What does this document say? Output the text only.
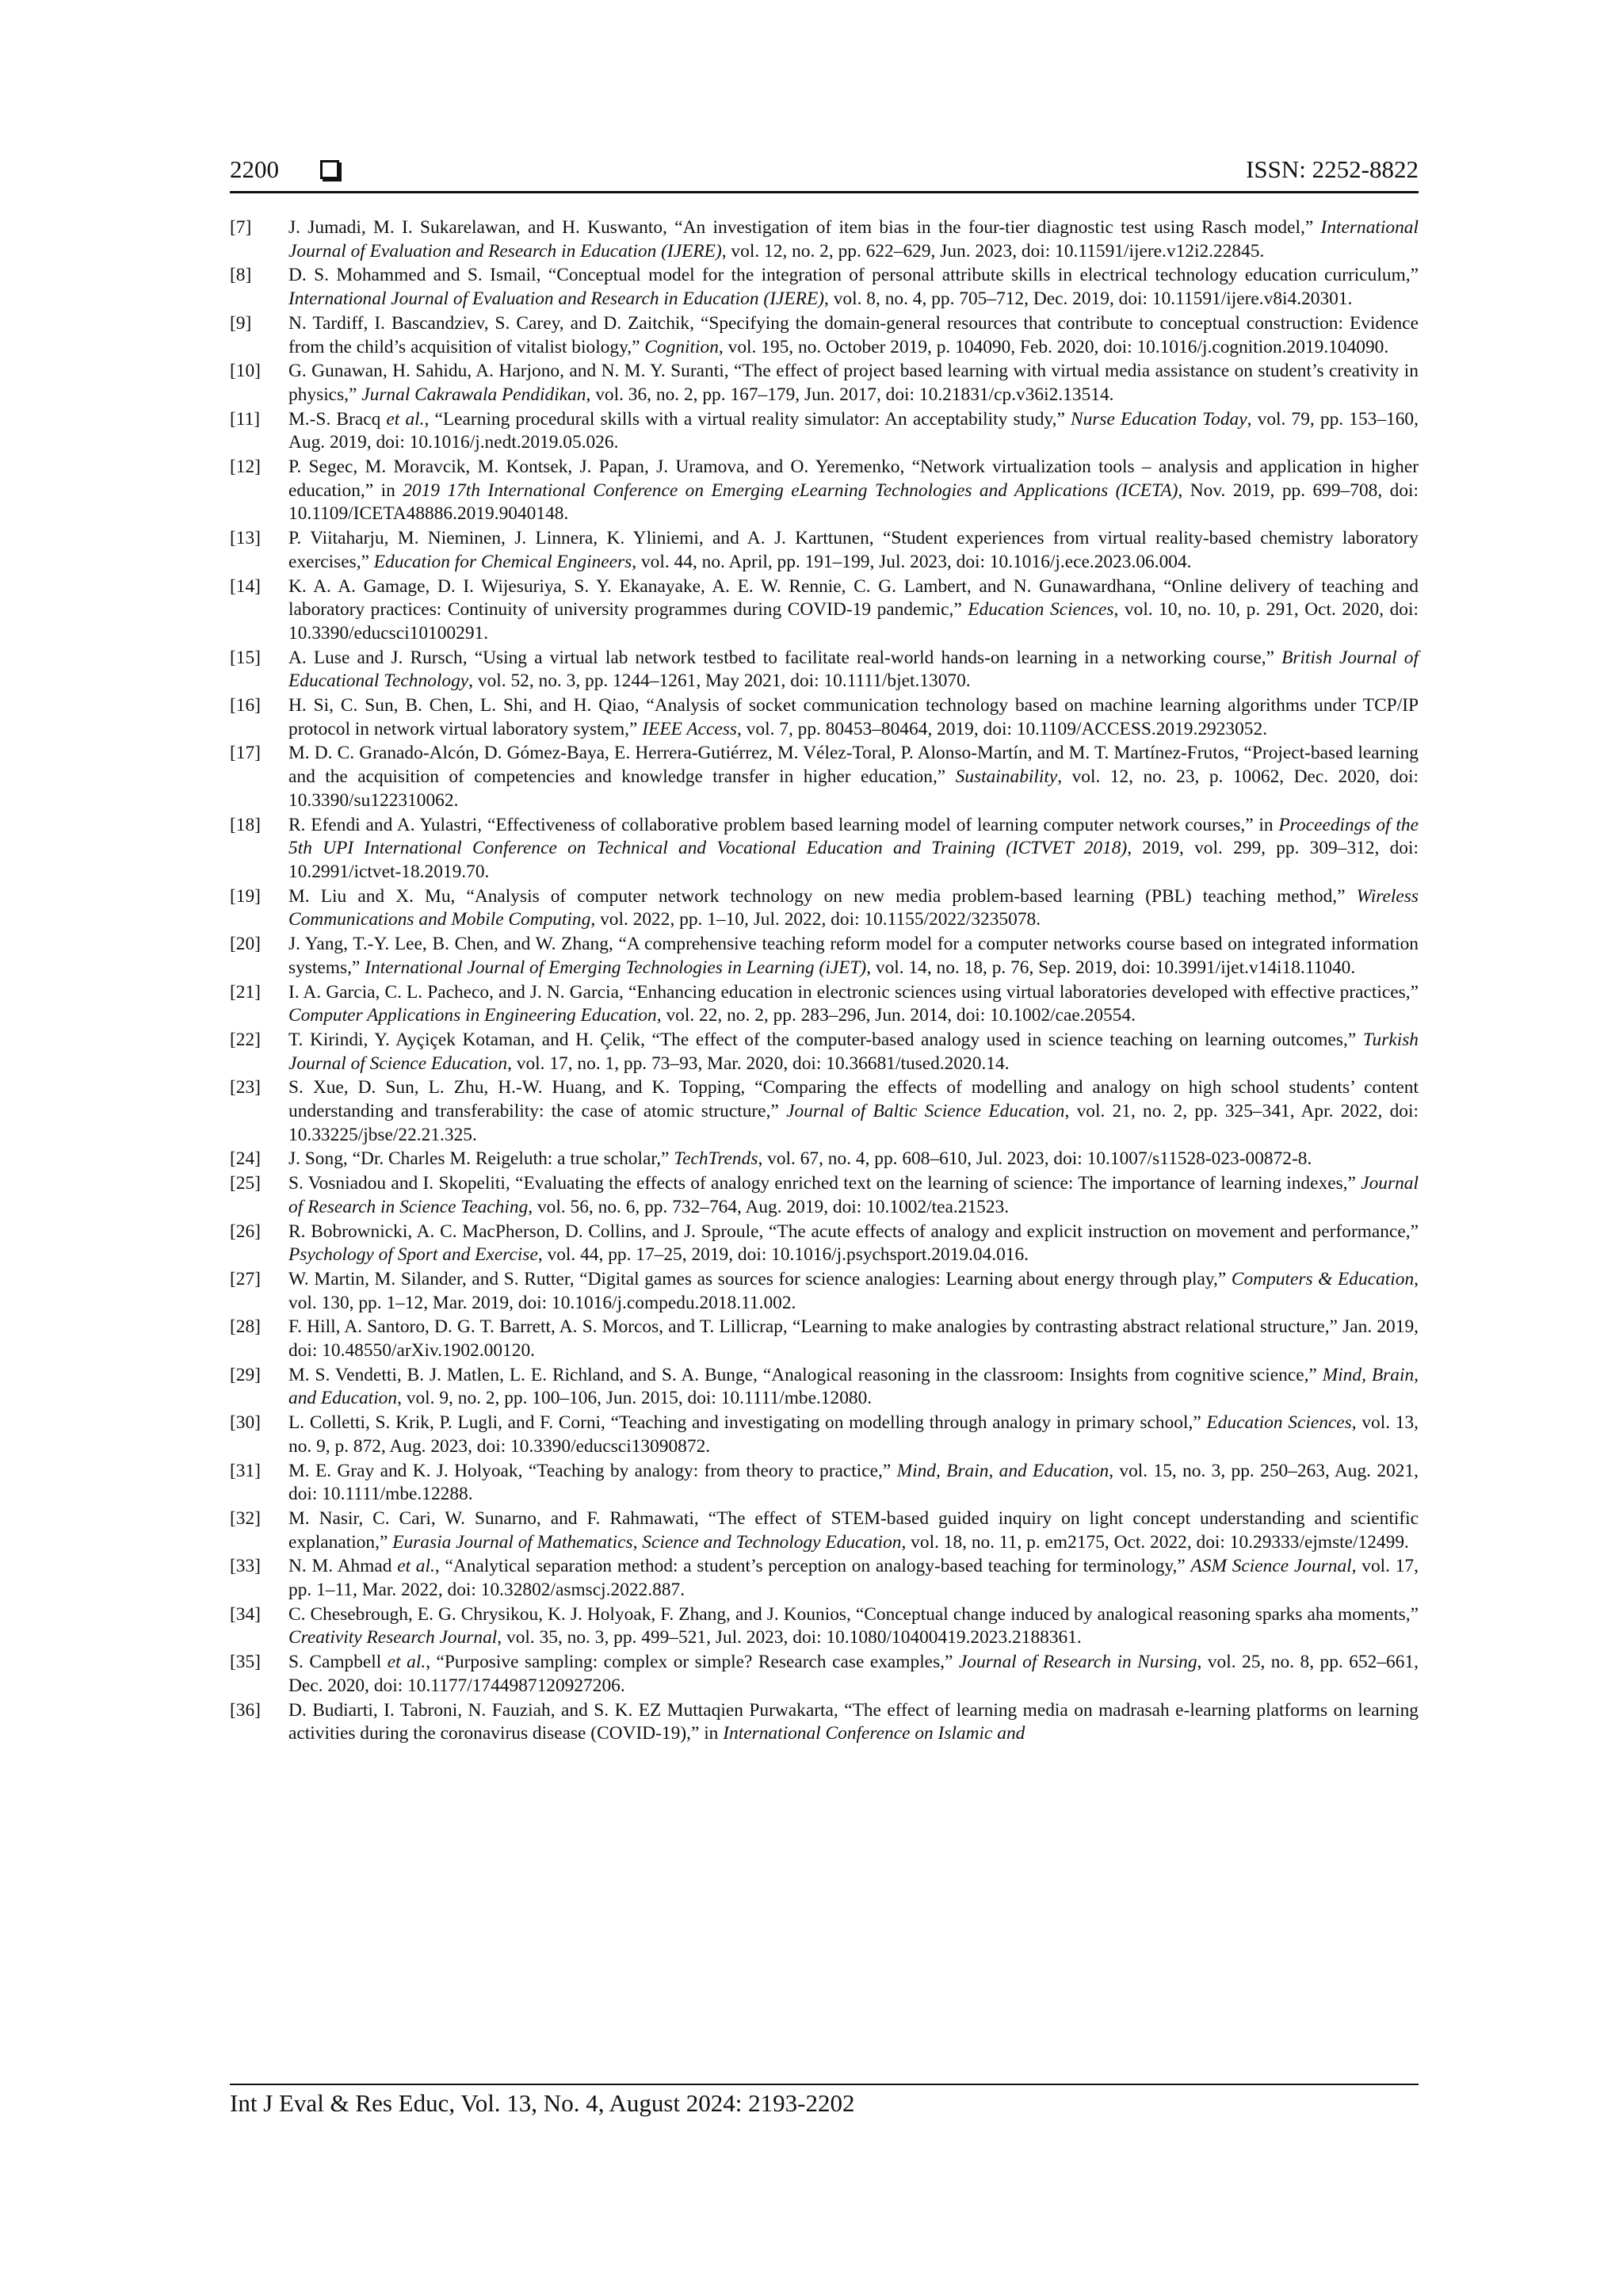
2200	ISSN: 2252-8822
[7]	J. Jumadi, M. I. Sukarelawan, and H. Kuswanto, “An investigation of item bias in the four-tier diagnostic test using Rasch model,” International Journal of Evaluation and Research in Education (IJERE), vol. 12, no. 2, pp. 622–629, Jun. 2023, doi: 10.11591/ijere.v12i2.22845.
[8]	D. S. Mohammed and S. Ismail, “Conceptual model for the integration of personal attribute skills in electrical technology education curriculum,” International Journal of Evaluation and Research in Education (IJERE), vol. 8, no. 4, pp. 705–712, Dec. 2019, doi: 10.11591/ijere.v8i4.20301.
[9]	N. Tardiff, I. Bascandziev, S. Carey, and D. Zaitchik, “Specifying the domain-general resources that contribute to conceptual construction: Evidence from the child’s acquisition of vitalist biology,” Cognition, vol. 195, no. October 2019, p. 104090, Feb. 2020, doi: 10.1016/j.cognition.2019.104090.
[10]	G. Gunawan, H. Sahidu, A. Harjono, and N. M. Y. Suranti, “The effect of project based learning with virtual media assistance on student’s creativity in physics,” Jurnal Cakrawala Pendidikan, vol. 36, no. 2, pp. 167–179, Jun. 2017, doi: 10.21831/cp.v36i2.13514.
[11]	M.-S. Bracq et al., “Learning procedural skills with a virtual reality simulator: An acceptability study,” Nurse Education Today, vol. 79, pp. 153–160, Aug. 2019, doi: 10.1016/j.nedt.2019.05.026.
[12]	P. Segec, M. Moravcik, M. Kontsek, J. Papan, J. Uramova, and O. Yeremenko, “Network virtualization tools – analysis and application in higher education,” in 2019 17th International Conference on Emerging eLearning Technologies and Applications (ICETA), Nov. 2019, pp. 699–708, doi: 10.1109/ICETA48886.2019.9040148.
[13]	P. Viitaharju, M. Nieminen, J. Linnera, K. Yliniemi, and A. J. Karttunen, “Student experiences from virtual reality-based chemistry laboratory exercises,” Education for Chemical Engineers, vol. 44, no. April, pp. 191–199, Jul. 2023, doi: 10.1016/j.ece.2023.06.004.
[14]	K. A. A. Gamage, D. I. Wijesuriya, S. Y. Ekanayake, A. E. W. Rennie, C. G. Lambert, and N. Gunawardhana, “Online delivery of teaching and laboratory practices: Continuity of university programmes during COVID-19 pandemic,” Education Sciences, vol. 10, no. 10, p. 291, Oct. 2020, doi: 10.3390/educsci10100291.
[15]	A. Luse and J. Rursch, “Using a virtual lab network testbed to facilitate real-world hands-on learning in a networking course,” British Journal of Educational Technology, vol. 52, no. 3, pp. 1244–1261, May 2021, doi: 10.1111/bjet.13070.
[16]	H. Si, C. Sun, B. Chen, L. Shi, and H. Qiao, “Analysis of socket communication technology based on machine learning algorithms under TCP/IP protocol in network virtual laboratory system,” IEEE Access, vol. 7, pp. 80453–80464, 2019, doi: 10.1109/ACCESS.2019.2923052.
[17]	M. D. C. Granado-Alcón, D. Gómez-Baya, E. Herrera-Gutiérrez, M. Vélez-Toral, P. Alonso-Martín, and M. T. Martínez-Frutos, “Project-based learning and the acquisition of competencies and knowledge transfer in higher education,” Sustainability, vol. 12, no. 23, p. 10062, Dec. 2020, doi: 10.3390/su122310062.
[18]	R. Efendi and A. Yulastri, “Effectiveness of collaborative problem based learning model of learning computer network courses,” in Proceedings of the 5th UPI International Conference on Technical and Vocational Education and Training (ICTVET 2018), 2019, vol. 299, pp. 309–312, doi: 10.2991/ictvet-18.2019.70.
[19]	M. Liu and X. Mu, “Analysis of computer network technology on new media problem-based learning (PBL) teaching method,” Wireless Communications and Mobile Computing, vol. 2022, pp. 1–10, Jul. 2022, doi: 10.1155/2022/3235078.
[20]	J. Yang, T.-Y. Lee, B. Chen, and W. Zhang, “A comprehensive teaching reform model for a computer networks course based on integrated information systems,” International Journal of Emerging Technologies in Learning (iJET), vol. 14, no. 18, p. 76, Sep. 2019, doi: 10.3991/ijet.v14i18.11040.
[21]	I. A. Garcia, C. L. Pacheco, and J. N. Garcia, “Enhancing education in electronic sciences using virtual laboratories developed with effective practices,” Computer Applications in Engineering Education, vol. 22, no. 2, pp. 283–296, Jun. 2014, doi: 10.1002/cae.20554.
[22]	T. Kirindi, Y. Ayçiçek Kotaman, and H. Çelik, “The effect of the computer-based analogy used in science teaching on learning outcomes,” Turkish Journal of Science Education, vol. 17, no. 1, pp. 73–93, Mar. 2020, doi: 10.36681/tused.2020.14.
[23]	S. Xue, D. Sun, L. Zhu, H.-W. Huang, and K. Topping, “Comparing the effects of modelling and analogy on high school students’ content understanding and transferability: the case of atomic structure,” Journal of Baltic Science Education, vol. 21, no. 2, pp. 325–341, Apr. 2022, doi: 10.33225/jbse/22.21.325.
[24]	J. Song, “Dr. Charles M. Reigeluth: a true scholar,” TechTrends, vol. 67, no. 4, pp. 608–610, Jul. 2023, doi: 10.1007/s11528-023-00872-8.
[25]	S. Vosniadou and I. Skopeliti, “Evaluating the effects of analogy enriched text on the learning of science: The importance of learning indexes,” Journal of Research in Science Teaching, vol. 56, no. 6, pp. 732–764, Aug. 2019, doi: 10.1002/tea.21523.
[26]	R. Bobrownicki, A. C. MacPherson, D. Collins, and J. Sproule, “The acute effects of analogy and explicit instruction on movement and performance,” Psychology of Sport and Exercise, vol. 44, pp. 17–25, 2019, doi: 10.1016/j.psychsport.2019.04.016.
[27]	W. Martin, M. Silander, and S. Rutter, “Digital games as sources for science analogies: Learning about energy through play,” Computers & Education, vol. 130, pp. 1–12, Mar. 2019, doi: 10.1016/j.compedu.2018.11.002.
[28]	F. Hill, A. Santoro, D. G. T. Barrett, A. S. Morcos, and T. Lillicrap, “Learning to make analogies by contrasting abstract relational structure,” Jan. 2019, doi: 10.48550/arXiv.1902.00120.
[29]	M. S. Vendetti, B. J. Matlen, L. E. Richland, and S. A. Bunge, “Analogical reasoning in the classroom: Insights from cognitive science,” Mind, Brain, and Education, vol. 9, no. 2, pp. 100–106, Jun. 2015, doi: 10.1111/mbe.12080.
[30]	L. Colletti, S. Krik, P. Lugli, and F. Corni, “Teaching and investigating on modelling through analogy in primary school,” Education Sciences, vol. 13, no. 9, p. 872, Aug. 2023, doi: 10.3390/educsci13090872.
[31]	M. E. Gray and K. J. Holyoak, “Teaching by analogy: from theory to practice,” Mind, Brain, and Education, vol. 15, no. 3, pp. 250–263, Aug. 2021, doi: 10.1111/mbe.12288.
[32]	M. Nasir, C. Cari, W. Sunarno, and F. Rahmawati, “The effect of STEM-based guided inquiry on light concept understanding and scientific explanation,” Eurasia Journal of Mathematics, Science and Technology Education, vol. 18, no. 11, p. em2175, Oct. 2022, doi: 10.29333/ejmste/12499.
[33]	N. M. Ahmad et al., “Analytical separation method: a student’s perception on analogy-based teaching for terminology,” ASM Science Journal, vol. 17, pp. 1–11, Mar. 2022, doi: 10.32802/asmscj.2022.887.
[34]	C. Chesebrough, E. G. Chrysikou, K. J. Holyoak, F. Zhang, and J. Kounios, “Conceptual change induced by analogical reasoning sparks aha moments,” Creativity Research Journal, vol. 35, no. 3, pp. 499–521, Jul. 2023, doi: 10.1080/10400419.2023.2188361.
[35]	S. Campbell et al., “Purposive sampling: complex or simple? Research case examples,” Journal of Research in Nursing, vol. 25, no. 8, pp. 652–661, Dec. 2020, doi: 10.1177/1744987120927206.
[36]	D. Budiarti, I. Tabroni, N. Fauziah, and S. K. EZ Muttaqien Purwakarta, “The effect of learning media on madrasah e-learning platforms on learning activities during the coronavirus disease (COVID-19),” in International Conference on Islamic and
Int J Eval & Res Educ, Vol. 13, No. 4, August 2024: 2193-2202
